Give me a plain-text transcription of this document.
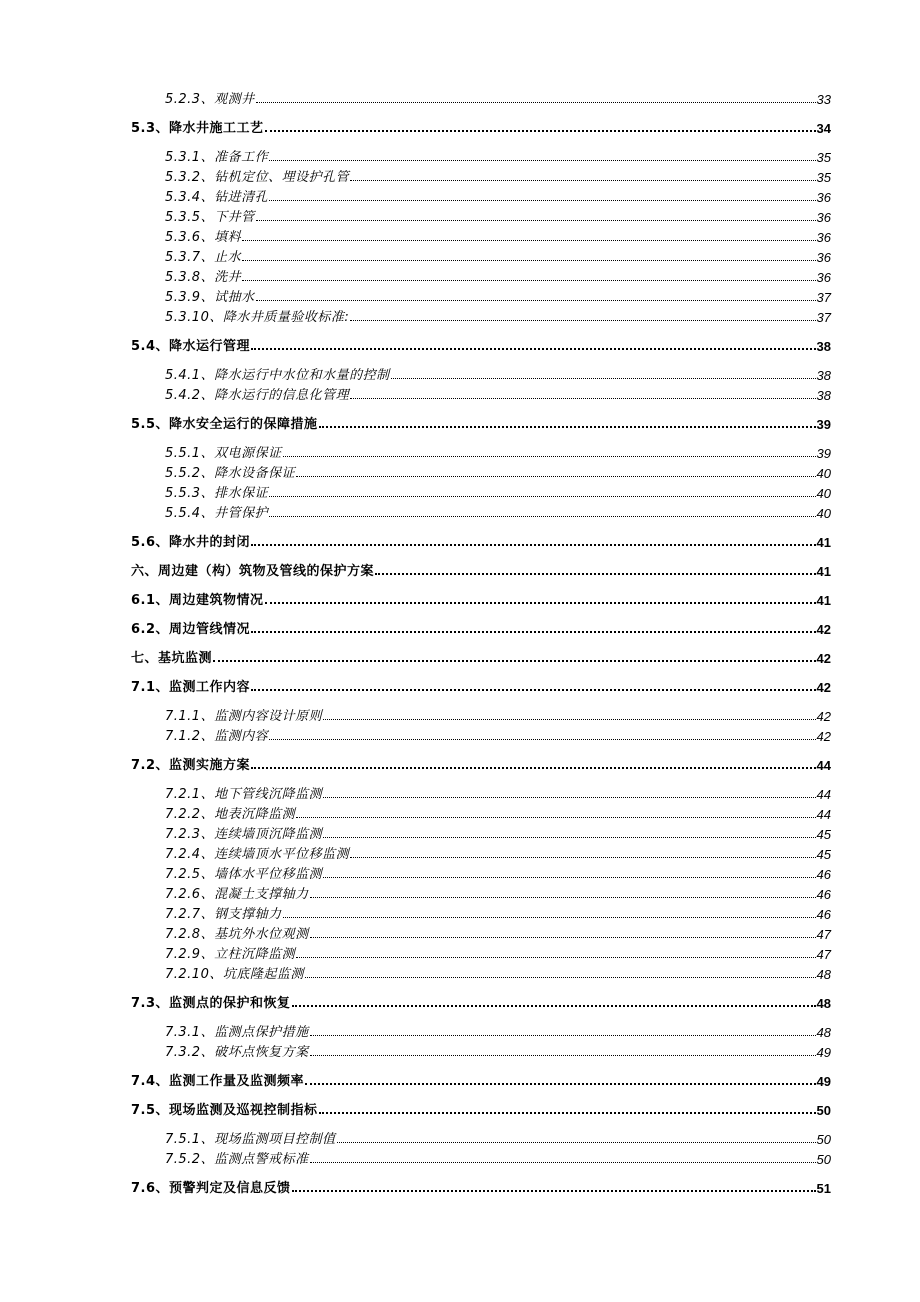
5.2.3、观测井	33
5.3、降水井施工工艺	34
5.3.1、准备工作	35
5.3.2、钻机定位、埋设护孔管	35
5.3.4、钻进清孔	36
5.3.5、下井管	36
5.3.6、填料	36
5.3.7、止水	36
5.3.8、洗井	36
5.3.9、试抽水	37
5.3.10、降水井质量验收标准:	37
5.4、降水运行管理	38
5.4.1、降水运行中水位和水量的控制	38
5.4.2、降水运行的信息化管理	38
5.5、降水安全运行的保障措施	39
5.5.1、双电源保证	39
5.5.2、降水设备保证	40
5.5.3、排水保证	40
5.5.4、井管保护	40
5.6、降水井的封闭	41
六、周边建（构）筑物及管线的保护方案	41
6.1、周边建筑物情况	41
6.2、周边管线情况	42
七、基坑监测	42
7.1、监测工作内容	42
7.1.1、监测内容设计原则	42
7.1.2、监测内容	42
7.2、监测实施方案	44
7.2.1、地下管线沉降监测	44
7.2.2、地表沉降监测	44
7.2.3、连续墙顶沉降监测	45
7.2.4、连续墙顶水平位移监测	45
7.2.5、墙体水平位移监测	46
7.2.6、混凝土支撑轴力	46
7.2.7、钢支撑轴力	46
7.2.8、基坑外水位观测	47
7.2.9、立柱沉降监测	47
7.2.10、坑底隆起监测	48
7.3、监测点的保护和恢复	48
7.3.1、监测点保护措施	48
7.3.2、破坏点恢复方案	49
7.4、监测工作量及监测频率	49
7.5、现场监测及巡视控制指标	50
7.5.1、现场监测项目控制值	50
7.5.2、监测点警戒标准	50
7.6、预警判定及信息反馈	51
